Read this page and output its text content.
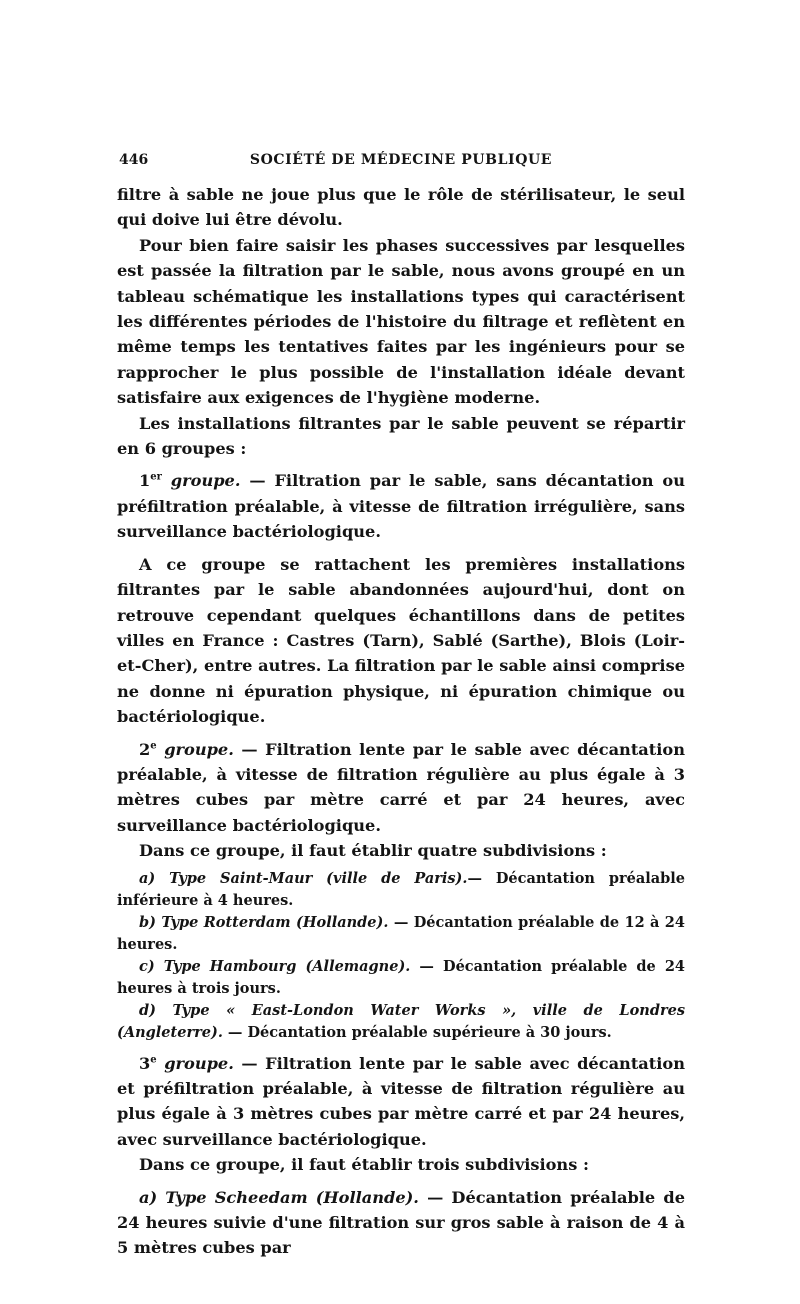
446	SOCIÉTÉ DE MÉDECINE PUBLIQUE

filtre à sable ne joue plus que le rôle de stérilisateur, le seul qui doive lui être dévolu.

Pour bien faire saisir les phases successives par lesquelles est passée la filtration par le sable, nous avons groupé en un tableau schématique les installations types qui caractérisent les différentes périodes de l'histoire du filtrage et reflètent en même temps les tentatives faites par les ingénieurs pour se rapprocher le plus possible de l'installation idéale devant satisfaire aux exigences de l'hygiène moderne.

Les installations filtrantes par le sable peuvent se répartir en 6 groupes :

1er groupe. — Filtration par le sable, sans décantation ou préfiltration préalable, à vitesse de filtration irrégulière, sans surveillance bactériologique.

A ce groupe se rattachent les premières installations filtrantes par le sable abandonnées aujourd'hui, dont on retrouve cependant quelques échantillons dans de petites villes en France : Castres (Tarn), Sablé (Sarthe), Blois (Loir-et-Cher), entre autres. La filtration par le sable ainsi comprise ne donne ni épuration physique, ni épuration chimique ou bactériologique.

2e groupe. — Filtration lente par le sable avec décantation préalable, à vitesse de filtration régulière au plus égale à 3 mètres cubes par mètre carré et par 24 heures, avec surveillance bactériologique.

Dans ce groupe, il faut établir quatre subdivisions :

a) Type Saint-Maur (ville de Paris).— Décantation préalable inférieure à 4 heures.

b) Type Rotterdam (Hollande). — Décantation préalable de 12 à 24 heures.

c) Type Hambourg (Allemagne). — Décantation préalable de 24 heures à trois jours.

d) Type « East-London Water Works », ville de Londres (Angleterre). — Décantation préalable supérieure à 30 jours.

3e groupe. — Filtration lente par le sable avec décantation et préfiltration préalable, à vitesse de filtration régulière au plus égale à 3 mètres cubes par mètre carré et par 24 heures, avec surveillance bactériologique.

Dans ce groupe, il faut établir trois subdivisions :

a) Type Scheedam (Hollande). — Décantation préalable de 24 heures suivie d'une filtration sur gros sable à raison de 4 à 5 mètres cubes par
